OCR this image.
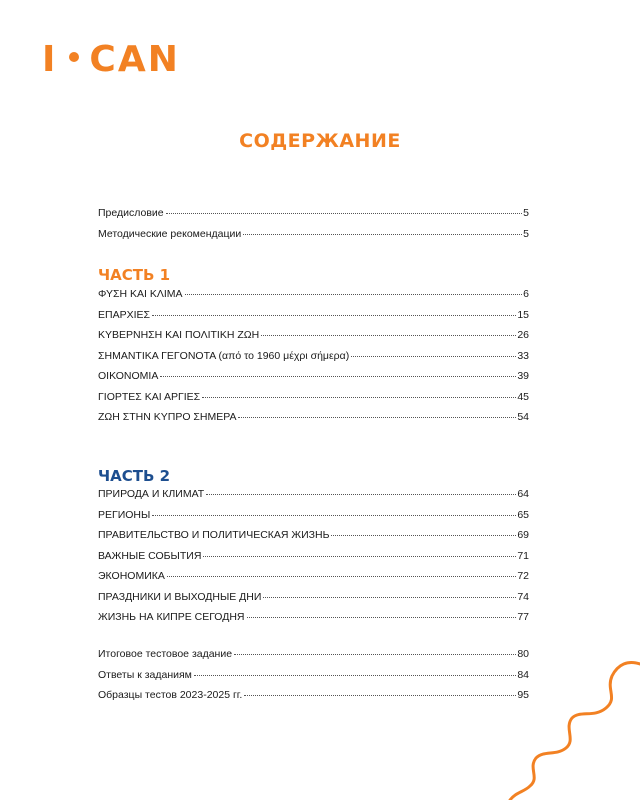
I CAN
СОДЕРЖАНИЕ
Предисловие	5
Методические рекомендации	5
ЧАСТЬ 1
ΦΥΣΗ ΚΑΙ ΚΛΙΜΑ	6
ΕΠΑΡΧΙΕΣ	15
ΚΥΒΕΡΝΗΣΗ ΚΑΙ ΠΟΛΙΤΙΚΗ ΖΩΗ	26
ΣΗΜΑΝΤΙΚΑ ΓΕΓΟΝΟΤΑ (από το 1960 μέχρι σήμερα)	33
ΟΙΚΟΝΟΜΙΑ	39
ΓΙΟΡΤΕΣ ΚΑΙ ΑΡΓΙΕΣ	45
ΖΩΗ ΣΤΗΝ ΚΥΠΡΟ ΣΗΜΕΡΑ	54
ЧАСТЬ 2
ПРИРОДА И КЛИМАТ	64
РЕГИОНЫ	65
ПРАВИТЕЛЬСТВО И ПОЛИТИЧЕСКАЯ ЖИЗНЬ	69
ВАЖНЫЕ СОБЫТИЯ	71
ЭКОНОМИКА	72
ПРАЗДНИКИ И ВЫХОДНЫЕ ДНИ	74
ЖИЗНЬ НА КИПРЕ СЕГОДНЯ	77
Итоговое тестовое задание	80
Ответы к заданиям	84
Образцы тестов 2023-2025 гг.	95
